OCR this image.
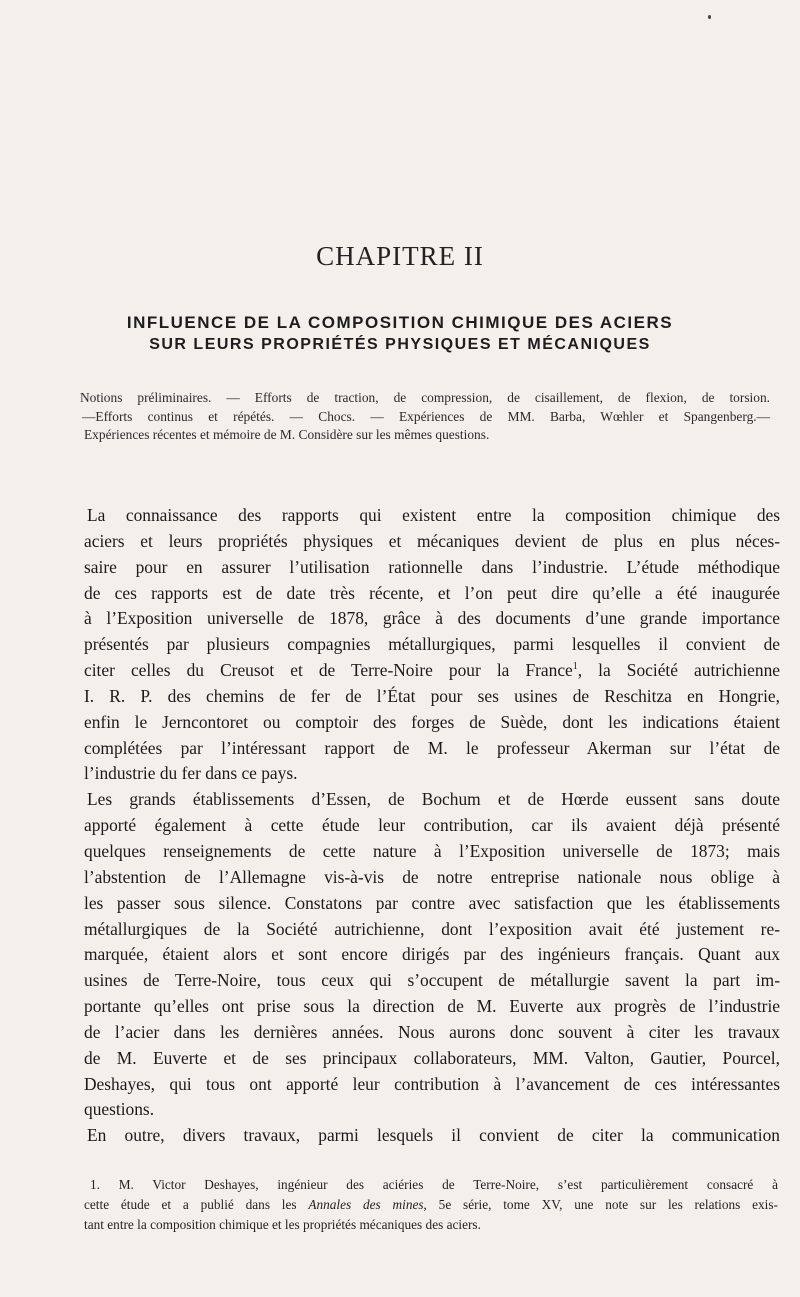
CHAPITRE II
INFLUENCE DE LA COMPOSITION CHIMIQUE DES ACIERS
SUR LEURS PROPRIÉTÉS PHYSIQUES ET MÉCANIQUES
Notions préliminaires. — Efforts de traction, de compression, de cisaillement, de flexion, de torsion.
—Efforts continus et répétés. — Chocs. — Expériences de MM. Barba, Wœhler et Spangenberg.—
Expériences récentes et mémoire de M. Considère sur les mêmes questions.
La connaissance des rapports qui existent entre la composition chimique des
aciers et leurs propriétés physiques et mécaniques devient de plus en plus néces-
saire pour en assurer l’utilisation rationnelle dans l’industrie. L’étude méthodique
de ces rapports est de date très récente, et l’on peut dire qu’elle a été inaugurée
à l’Exposition universelle de 1878, grâce à des documents d’une grande importance
présentés par plusieurs compagnies métallurgiques, parmi lesquelles il convient de
citer celles du Creusot et de Terre-Noire pour la France$^1$, la Société autrichienne
I. R. P. des chemins de fer de l’État pour ses usines de Reschitza en Hongrie,
enfin le Jerncontoret ou comptoir des forges de Suède, dont les indications étaient
complétées par l’intéressant rapport de M. le professeur Akerman sur l’état de
l’industrie du fer dans ce pays.
Les grands établissements d’Essen, de Bochum et de Hœrde eussent sans doute
apporté également à cette étude leur contribution, car ils avaient déjà présenté
quelques renseignements de cette nature à l’Exposition universelle de 1873; mais
l’abstention de l’Allemagne vis-à-vis de notre entreprise nationale nous oblige à
les passer sous silence. Constatons par contre avec satisfaction que les établissements
métallurgiques de la Société autrichienne, dont l’exposition avait été justement re-
marquée, étaient alors et sont encore dirigés par des ingénieurs français. Quant aux
usines de Terre-Noire, tous ceux qui s’occupent de métallurgie savent la part im-
portante qu’elles ont prise sous la direction de M. Euverte aux progrès de l’industrie
de l’acier dans les dernières années. Nous aurons donc souvent à citer les travaux
de M. Euverte et de ses principaux collaborateurs, MM. Valton, Gautier, Pourcel,
Deshayes, qui tous ont apporté leur contribution à l’avancement de ces intéressantes
questions.
En outre, divers travaux, parmi lesquels il convient de citer la communication
1. M. Victor Deshayes, ingénieur des aciéries de Terre-Noire, s’est particulièrement consacré à
cette étude et a publié dans les Annales des mines, 5e série, tome XV, une note sur les relations exis-
tant entre la composition chimique et les propriétés mécaniques des aciers.
